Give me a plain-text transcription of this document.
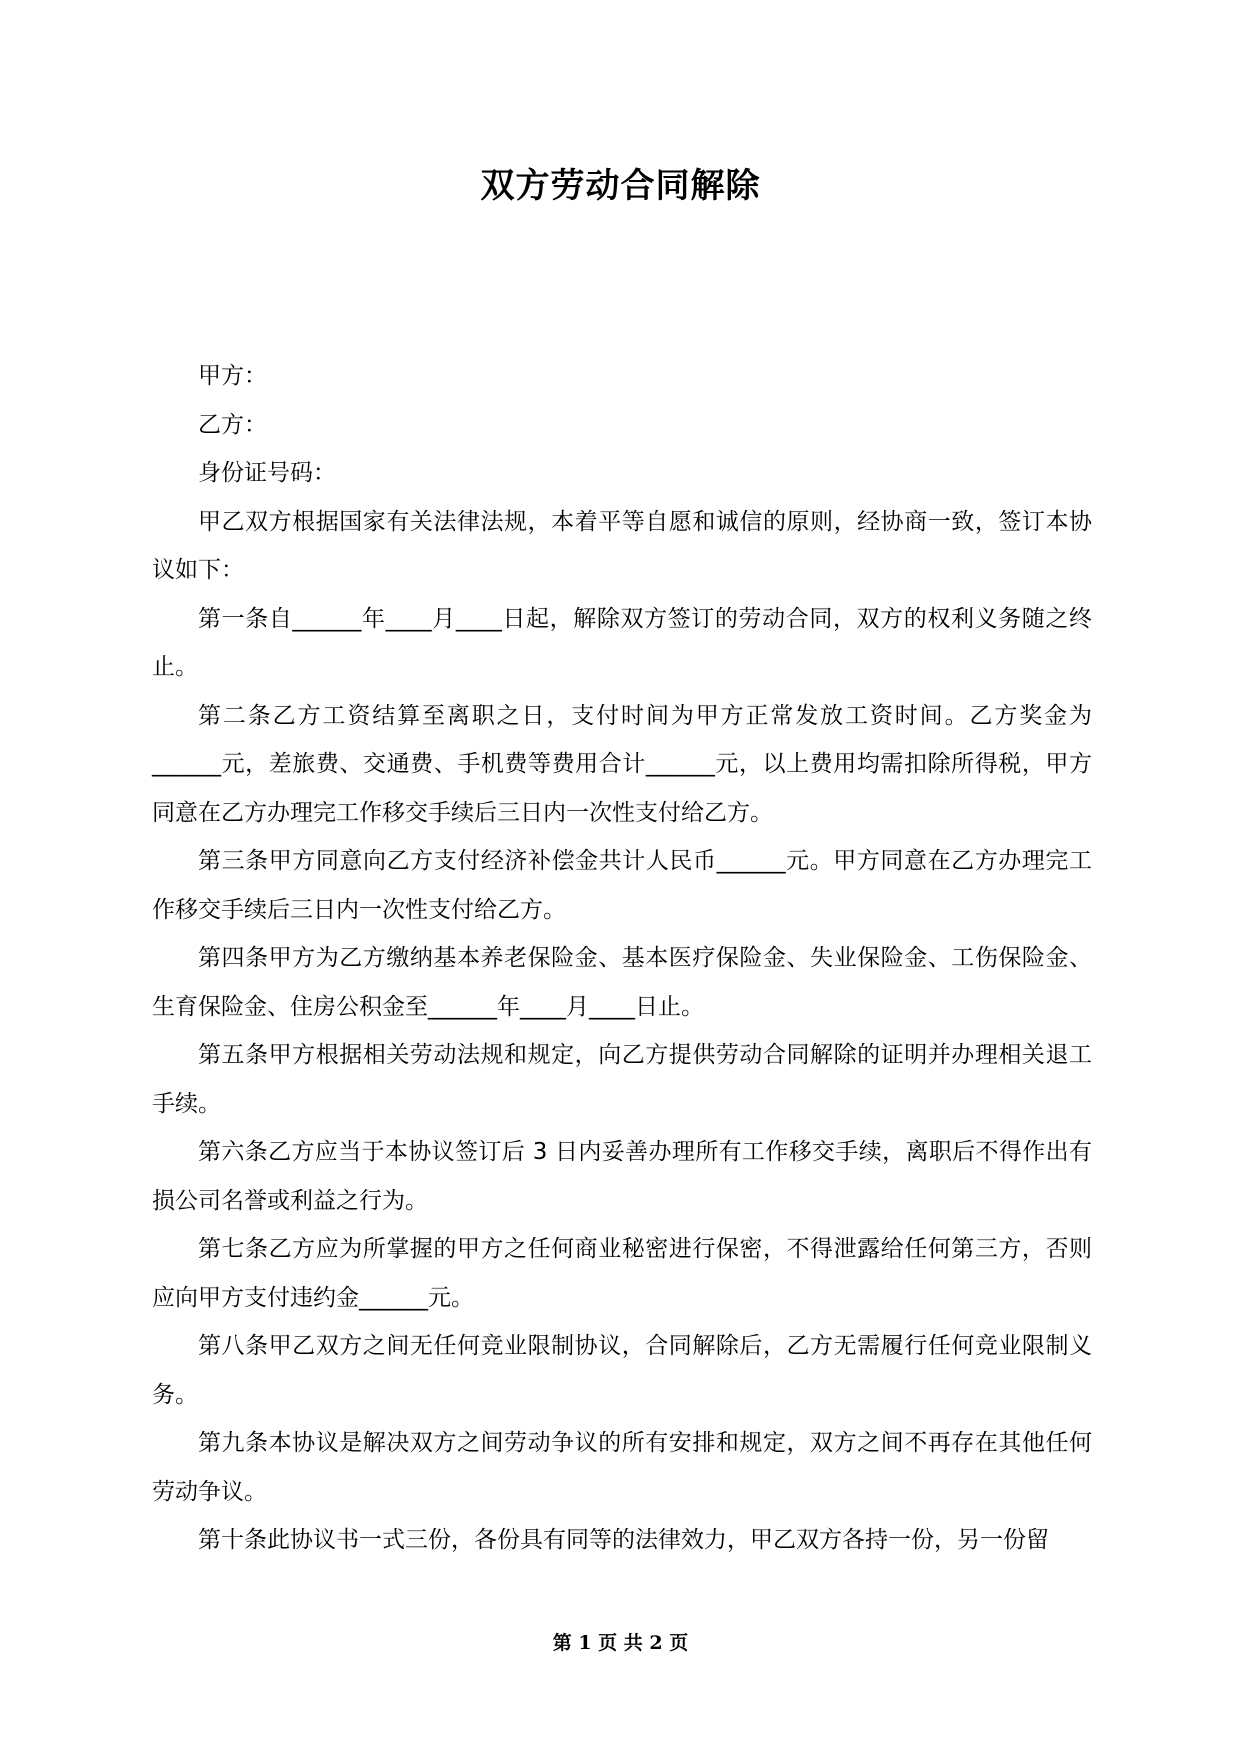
双方劳动合同解除

甲方：

乙方：

身份证号码：

甲乙双方根据国家有关法律法规，本着平等自愿和诚信的原则，经协商一致，签订本协议如下：

第一条自______年____月____日起，解除双方签订的劳动合同，双方的权利义务随之终止。

第二条乙方工资结算至离职之日，支付时间为甲方正常发放工资时间。乙方奖金为______元，差旅费、交通费、手机费等费用合计______元，以上费用均需扣除所得税，甲方同意在乙方办理完工作移交手续后三日内一次性支付给乙方。

第三条甲方同意向乙方支付经济补偿金共计人民币______元。甲方同意在乙方办理完工作移交手续后三日内一次性支付给乙方。

第四条甲方为乙方缴纳基本养老保险金、基本医疗保险金、失业保险金、工伤保险金、生育保险金、住房公积金至______年____月____日止。

第五条甲方根据相关劳动法规和规定，向乙方提供劳动合同解除的证明并办理相关退工手续。

第六条乙方应当于本协议签订后 3 日内妥善办理所有工作移交手续，离职后不得作出有损公司名誉或利益之行为。

第七条乙方应为所掌握的甲方之任何商业秘密进行保密，不得泄露给任何第三方，否则应向甲方支付违约金______元。

第八条甲乙双方之间无任何竞业限制协议，合同解除后，乙方无需履行任何竞业限制义务。

第九条本协议是解决双方之间劳动争议的所有安排和规定，双方之间不再存在其他任何劳动争议。

第十条此协议书一式三份，各份具有同等的法律效力，甲乙双方各持一份，另一份留

第 1 页 共 2 页
